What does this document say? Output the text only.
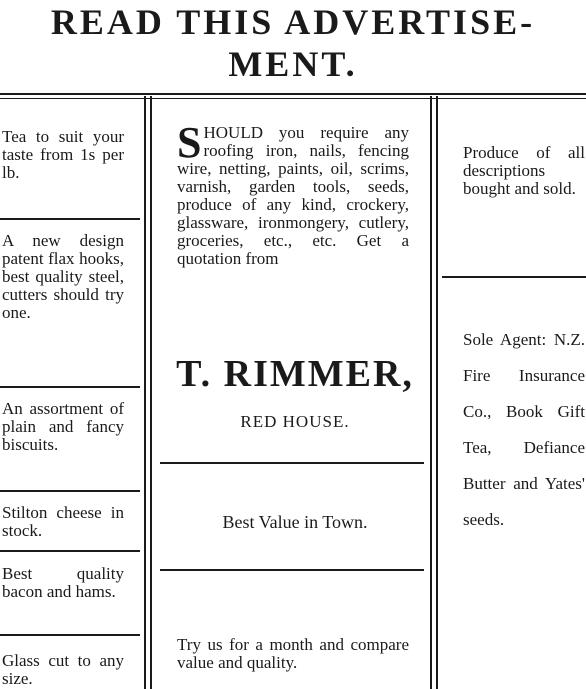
READ THIS ADVERTISE-
MENT.
Tea to suit your taste from 1s per lb.
A new design patent flax hooks, best quality steel, cutters should try one.
An assortment of plain and fancy biscuits.
Stilton cheese in stock.
Best quality bacon and hams.
Glass cut to any size.
SHOULD you require any roofing iron, nails, fencing wire, netting, paints, oil, scrims, varnish, garden tools, seeds, produce of any kind, crockery, glassware, ironmongery, cutlery, groceries, etc., etc. Get a quotation from
T. RIMMER,
RED HOUSE.
Best Value in Town.
Try us for a month and compare value and quality.
Produce of all descriptions bought and sold.
Sole Agent: N.Z. Fire Insurance Co., Book Gift Tea, Defiance Butter and Yates' seeds.
